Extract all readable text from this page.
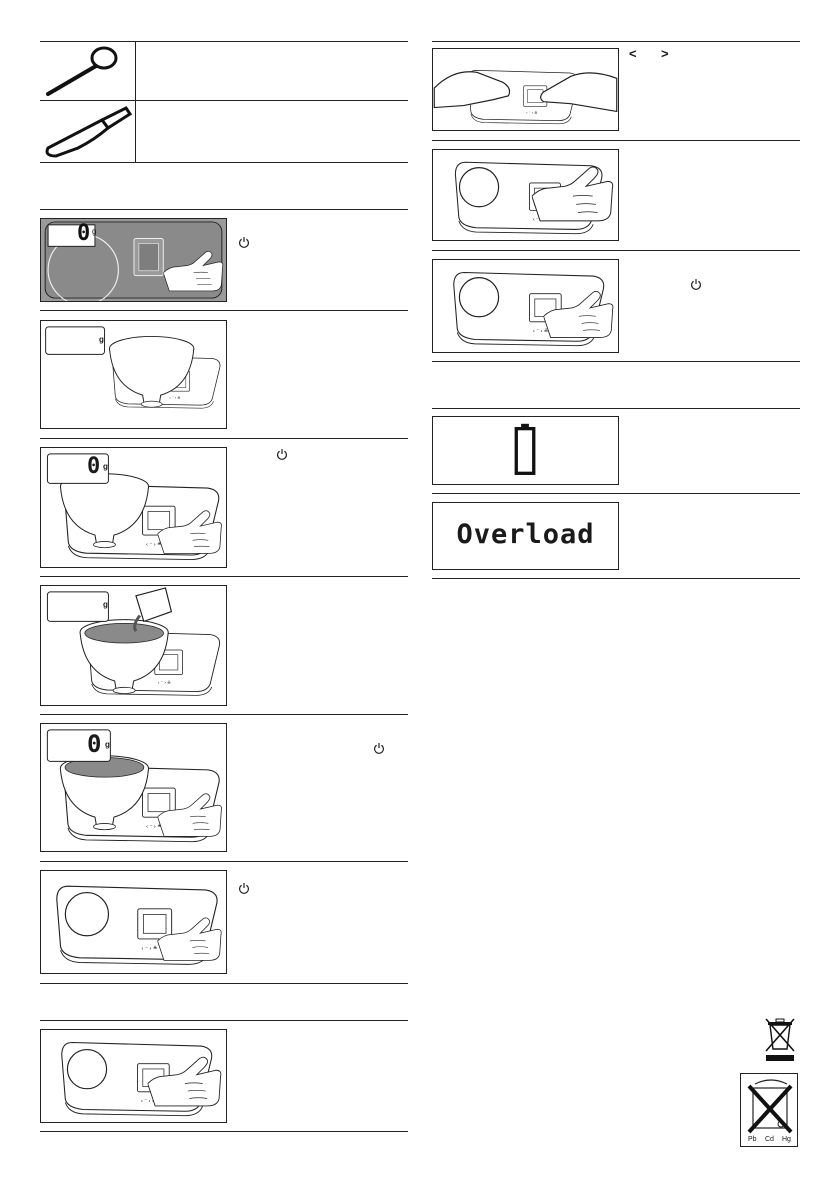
0 g
g
0 g
g
0 g
< >
Overload
Pb Cd Hg
